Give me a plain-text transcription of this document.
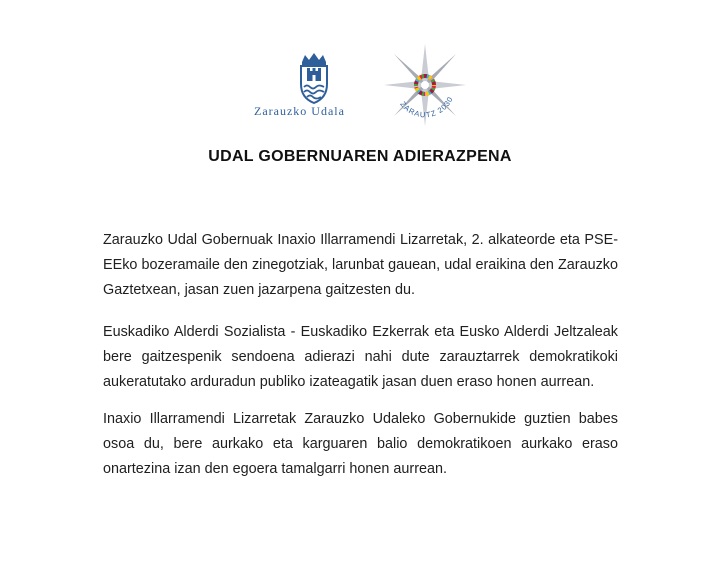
Zarauzko Udala	ZARAUTZ 2030
UDAL GOBERNUAREN ADIERAZPENA

Zarauzko Udal Gobernuak Inaxio Illarramendi Lizarretak, 2. alkateorde eta PSE-EEko bozeramaile den zinegotziak, larunbat gauean, udal eraikina den Zarauzko Gaztetxean, jasan zuen jazarpena gaitzesten du.

Euskadiko Alderdi Sozialista - Euskadiko Ezkerrak eta Eusko Alderdi Jeltzaleak bere gaitzespenik sendoena adierazi nahi dute zarauztarrek demokratikoki aukeratutako arduradun publiko izateagatik jasan duen eraso honen aurrean.

Inaxio Illarramendi Lizarretak Zarauzko Udaleko Gobernukide guztien babes osoa du, bere aurkako eta karguaren balio demokratikoen aurkako eraso onartezina izan den egoera tamalgarri honen aurrean.
